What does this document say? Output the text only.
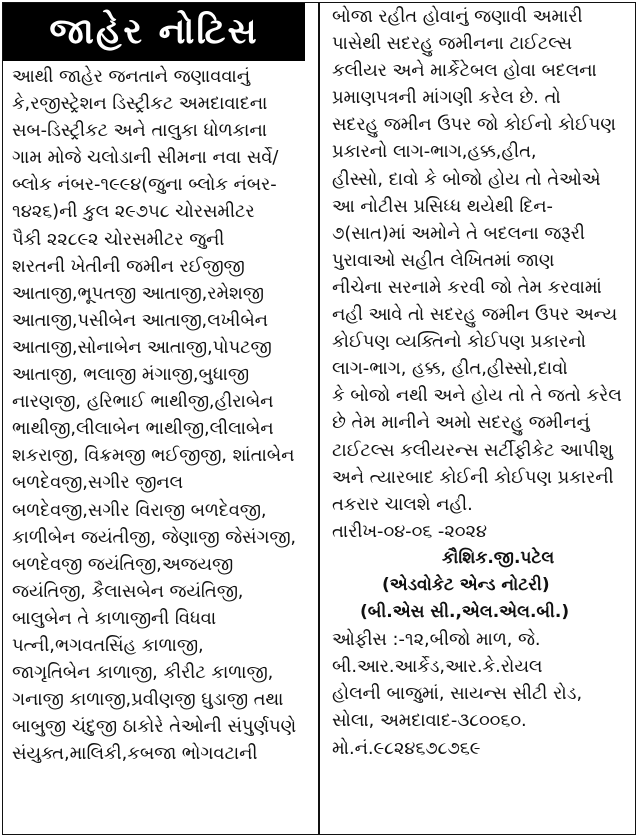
જાહેર નોટિસ
આથી જાહેર જનતાને જણાવવાનું
કે,રજીસ્ટ્રેશન ડિસ્ટ્રીકટ અમદાવાદના
સબ-ડિસ્ટ્રીકટ અને તાલુકા ધોળકાના
ગામ મોજે ચલોડાની સીમના નવા સર્વે/
બ્લોક નંબર-૧૯૯૪(જુના બ્લોક નંબર-
૧૪૨૬)ની કુલ ૨૯૭૫૮ ચોરસમીટર
પૈકી ૨૨૮૯૨ ચોરસમીટર જુની
શરતની ખેતીની જમીન રઈજીજી
આતાજી,ભૂપતજી આતાજી,રમેશજી
આતાજી,પસીબેન આતાજી,લખીબેન
આતાજી,સોનાબેન આતાજી,પોપટજી
આતાજી, ભલાજી મંગાજી,બુધાજી
નારણજી, હરિભાઈ ભાથીજી,હીરાબેન
ભાથીજી,લીલાબેન ભાથીજી,લીલાબેન
શકરાજી, વિક્રમજી ભઈજીજી, શાંતાબેન
બળદેવજી,સગીર જીનલ
બળદેવજી,સગીર વિરાજી બળદેવજી,
કાળીબેન જયંતીજી, જેણાજી જેસંગજી,
બળદેવજી જયંતિજી,અજયજી
જયંતિજી, કૈલાસબેન જયંતિજી,
બાલુબેન તે કાળાજીની વિધવા
પત્ની,ભગવતસિંહ કાળાજી,
જાગૃતિબેન કાળાજી, કીરીટ કાળાજી,
ગનાજી કાળાજી,પ્રવીણજી ઘુડાજી તથા
બાબુજી ચંદુજી ઠાકોરે તેઓની સંપુર્ણપણે
સંયુક્ત,માલિકી,કબજા ભોગવટાની
બોજા રહીત હોવાનું જણાવી અમારી
પાસેથી સદરહુ જમીનના ટાઈટલ્સ
કલીયર અને માર્કેટેબલ હોવા બદલના
પ્રમાણપત્રની માંગણી કરેલ છે. તો
સદરહુ જમીન ઉપર જો કોઈનો કોઈપણ
પ્રકારનો લાગ-ભાગ,હક્ક,હીત,
હીસ્સો, દાવો કે બોજો હોય તો તેઓએ
આ નોટીસ પ્રસિધ્ધ થયેથી દિન-
૭(સાત)માં અમોને તે બદલના જરૂરી
પુરાવાઓ સહીત લેખિતમાં જાણ
નીચેના સરનામે કરવી જો તેમ કરવામાં
નહી આવે તો સદરહુ જમીન ઉપર અન્ય
કોઈપણ વ્યક્તિનો કોઈપણ પ્રકારનો
લાગ-ભાગ, હક્ક, હીત,હીસ્સો,દાવો
કે બોજો નથી અને હોય તો તે જતો કરેલ
છે તેમ માનીને અમો સદરહુ જમીનનું
ટાઈટલ્સ કલીયરન્સ સર્ટીફીકેટ આપીશુ
અને ત્યારબાદ કોઈની કોઈપણ પ્રકારની
તકરાર ચાલશે નહી.
તારીખ-૦૪-૦૬ -૨૦૨૪
કૌશિક.જી.પટેલ
(એડવોકેટ એન્ડ નોટરી)
(બી.એસ સી.,એલ.એલ.બી.)
ઓફીસ :-૧૨,બીજો માળ, જે.
બી.આર.આર્કેડ,આર.કે.રોયલ
હોલની બાજુમાં, સાયન્સ સીટી રોડ,
સોલા, અમદાવાદ-૩૮૦૦૬૦.
મો.નં.૯૮૨૪૬૭૮૭૬૯
